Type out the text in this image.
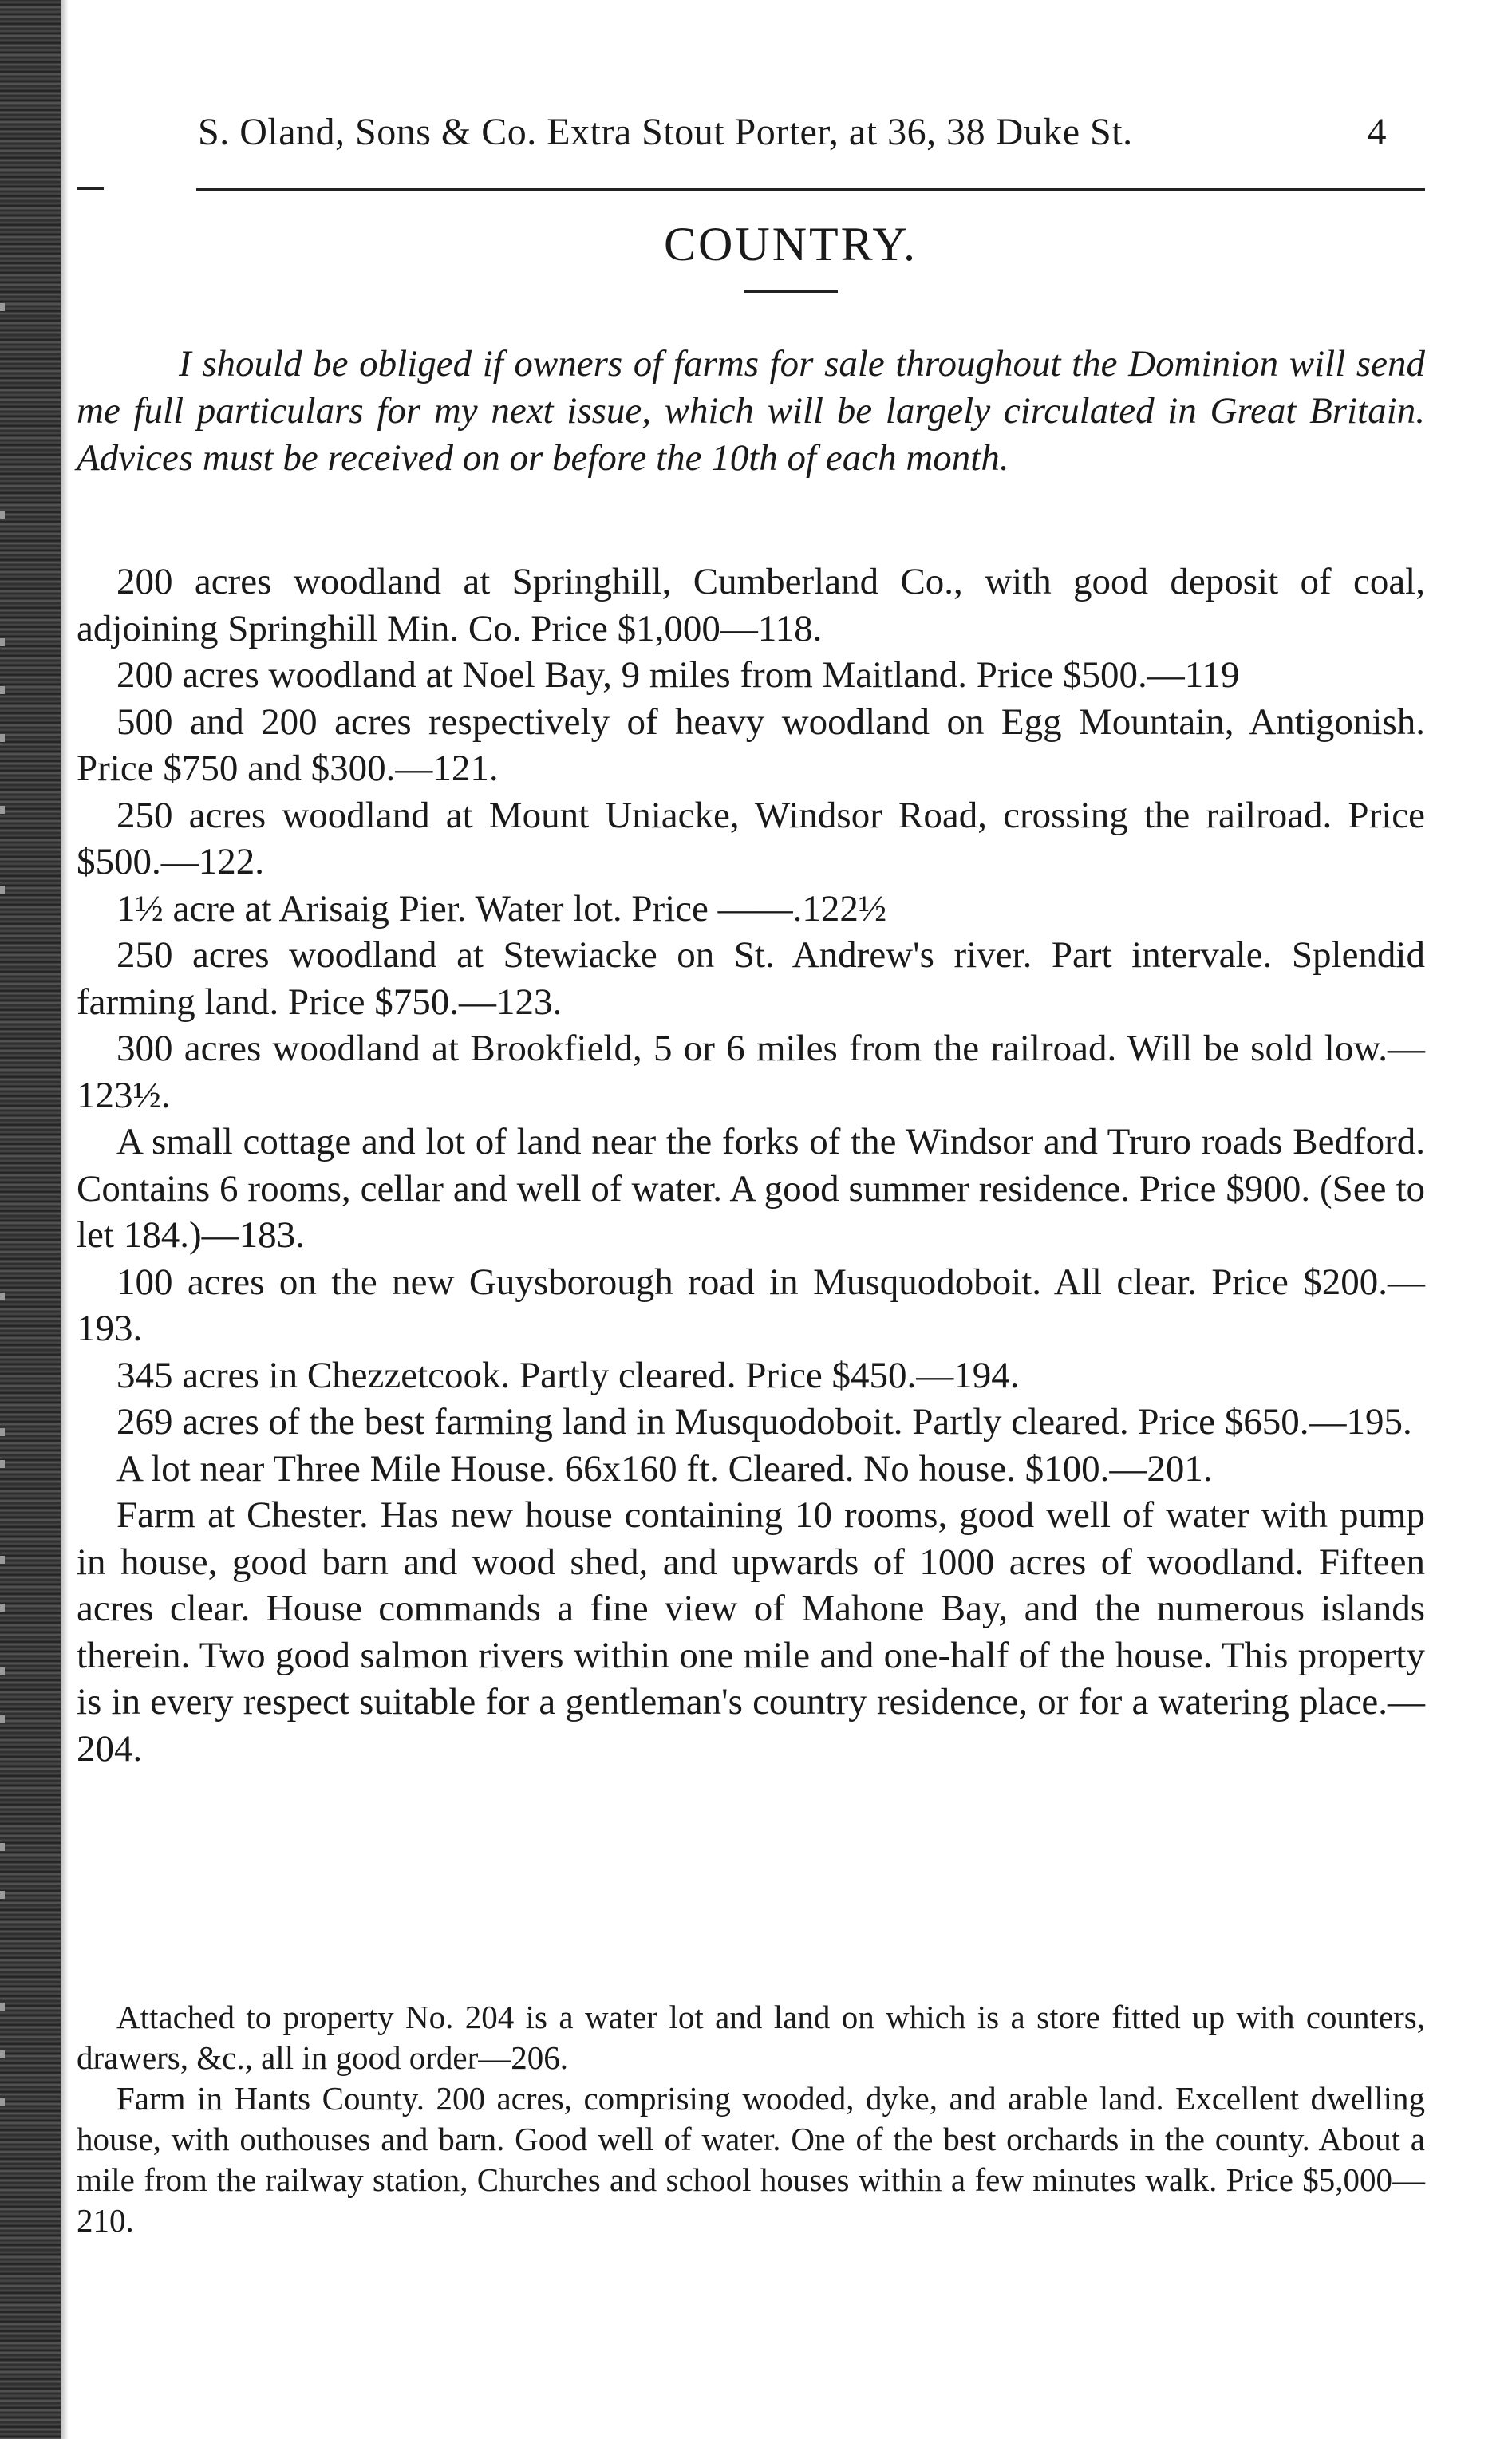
S. Oland, Sons & Co. Extra Stout Porter, at 36, 38 Duke St.	4
COUNTRY.

I should be obliged if owners of farms for sale throughout the Dominion will send me full particulars for my next issue, which will be largely circulated in Great Britain. Advices must be received on or before the 10th of each month.

200 acres woodland at Springhill, Cumberland Co., with good deposit of coal, adjoining Springhill Min. Co. Price $1,000—118.

200 acres woodland at Noel Bay, 9 miles from Maitland. Price $500.—119

500 and 200 acres respectively of heavy woodland on Egg Mountain, Antigonish. Price $750 and $300.—121.

250 acres woodland at Mount Uniacke, Windsor Road, crossing the railroad. Price $500.—122.

1½ acre at Arisaig Pier. Water lot. Price ——.122½

250 acres woodland at Stewiacke on St. Andrew's river. Part intervale. Splendid farming land. Price $750.—123.

300 acres woodland at Brookfield, 5 or 6 miles from the railroad. Will be sold low.—123½.

A small cottage and lot of land near the forks of the Windsor and Truro roads Bedford. Contains 6 rooms, cellar and well of water. A good summer residence. Price $900. (See to let 184.)—183.

100 acres on the new Guysborough road in Musquodoboit. All clear. Price $200.—193.

345 acres in Chezzetcook. Partly cleared. Price $450.—194.

269 acres of the best farming land in Musquodoboit. Partly cleared. Price $650.—195.

A lot near Three Mile House. 66x160 ft. Cleared. No house. $100.—201.

Farm at Chester. Has new house containing 10 rooms, good well of water with pump in house, good barn and wood shed, and upwards of 1000 acres of woodland. Fifteen acres clear. House commands a fine view of Mahone Bay, and the numerous islands therein. Two good salmon rivers within one mile and one-half of the house. This property is in every respect suitable for a gentleman's country residence, or for a watering place.—204.

Attached to property No. 204 is a water lot and land on which is a store fitted up with counters, drawers, &c., all in good order—206.

Farm in Hants County. 200 acres, comprising wooded, dyke, and arable land. Excellent dwelling house, with outhouses and barn. Good well of water. One of the best orchards in the county. About a mile from the railway station, Churches and school houses within a few minutes walk. Price $5,000—210.
